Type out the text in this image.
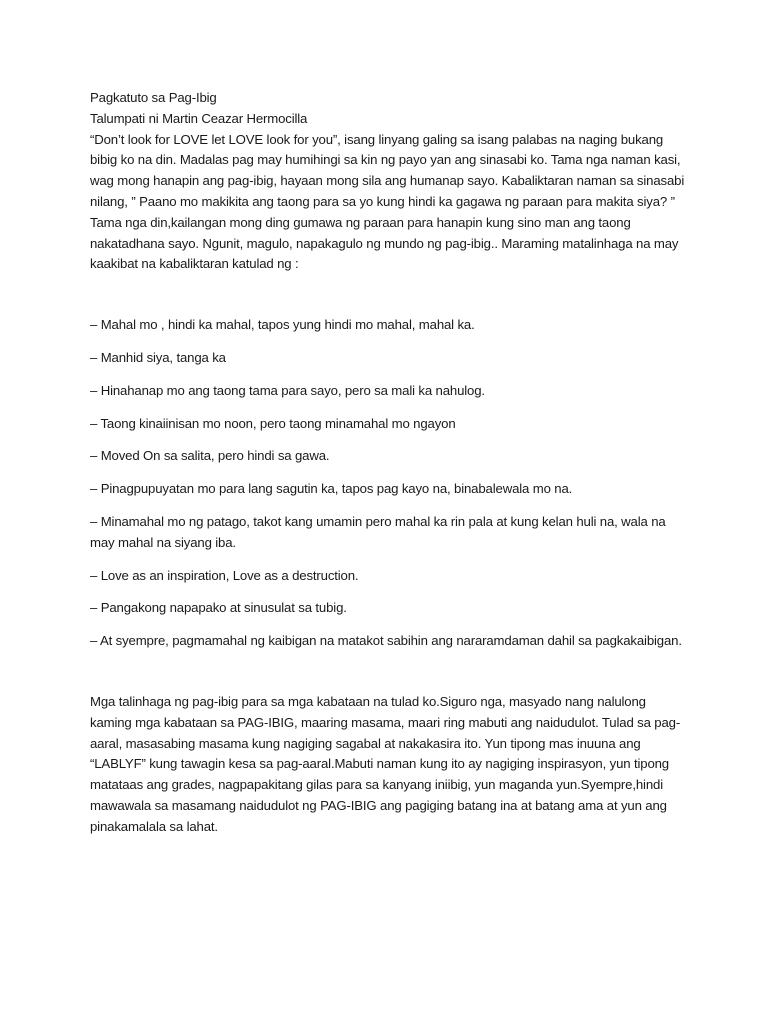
Pagkatuto sa Pag-Ibig

Talumpati ni Martin Ceazar Hermocilla

“Don’t look for LOVE let LOVE look for you”, isang linyang galing sa isang palabas na naging bukang bibig ko na din. Madalas pag may humihingi sa kin ng payo yan ang sinasabi ko. Tama nga naman kasi, wag mong hanapin ang pag-ibig, hayaan mong sila ang humanap sayo. Kabaliktaran naman sa sinasabi nilang, ” Paano mo makikita ang taong para sa yo kung hindi ka gagawa ng paraan para makita siya? ” Tama nga din,kailangan mong ding gumawa ng paraan para hanapin kung sino man ang taong nakatadhana sayo. Ngunit, magulo, napakagulo ng mundo ng pag-ibig.. Maraming matalinhaga na may kaakibat na kabaliktaran katulad ng :

– Mahal mo , hindi ka mahal, tapos yung hindi mo mahal, mahal ka.
– Manhid siya, tanga ka
– Hinahanap mo ang taong tama para sayo, pero sa mali ka nahulog.
– Taong kinaiinisan mo noon, pero taong minamahal mo ngayon
– Moved On sa salita, pero hindi sa gawa.
– Pinagpupuyatan mo para lang sagutin ka, tapos pag kayo na, binabalewala mo na.
– Minamahal mo ng patago, takot kang umamin pero mahal ka rin pala at kung kelan huli na, wala na may mahal na siyang iba.
– Love as an inspiration, Love as a destruction.
– Pangakong napapako at sinusulat sa tubig.
– At syempre, pagmamahal ng kaibigan na matakot sabihin ang nararamdaman dahil sa pagkakaibigan.

Mga talinhaga ng pag-ibig para sa mga kabataan na tulad ko.Siguro nga, masyado nang nalulong kaming mga kabataan sa PAG-IBIG, maaring masama, maari ring mabuti ang naidudulot. Tulad sa pag-aaral, masasabing masama kung nagiging sagabal at nakakasira ito. Yun tipong mas inuuna ang “LABLYF” kung tawagin kesa sa pag-aaral.Mabuti naman kung ito ay nagiging inspirasyon, yun tipong matataas ang grades, nagpapakitang gilas para sa kanyang iniibig, yun maganda yun.Syempre,hindi mawawala sa masamang naidudulot ng PAG-IBIG ang pagiging batang ina at batang ama at yun ang pinakamalala sa lahat.
